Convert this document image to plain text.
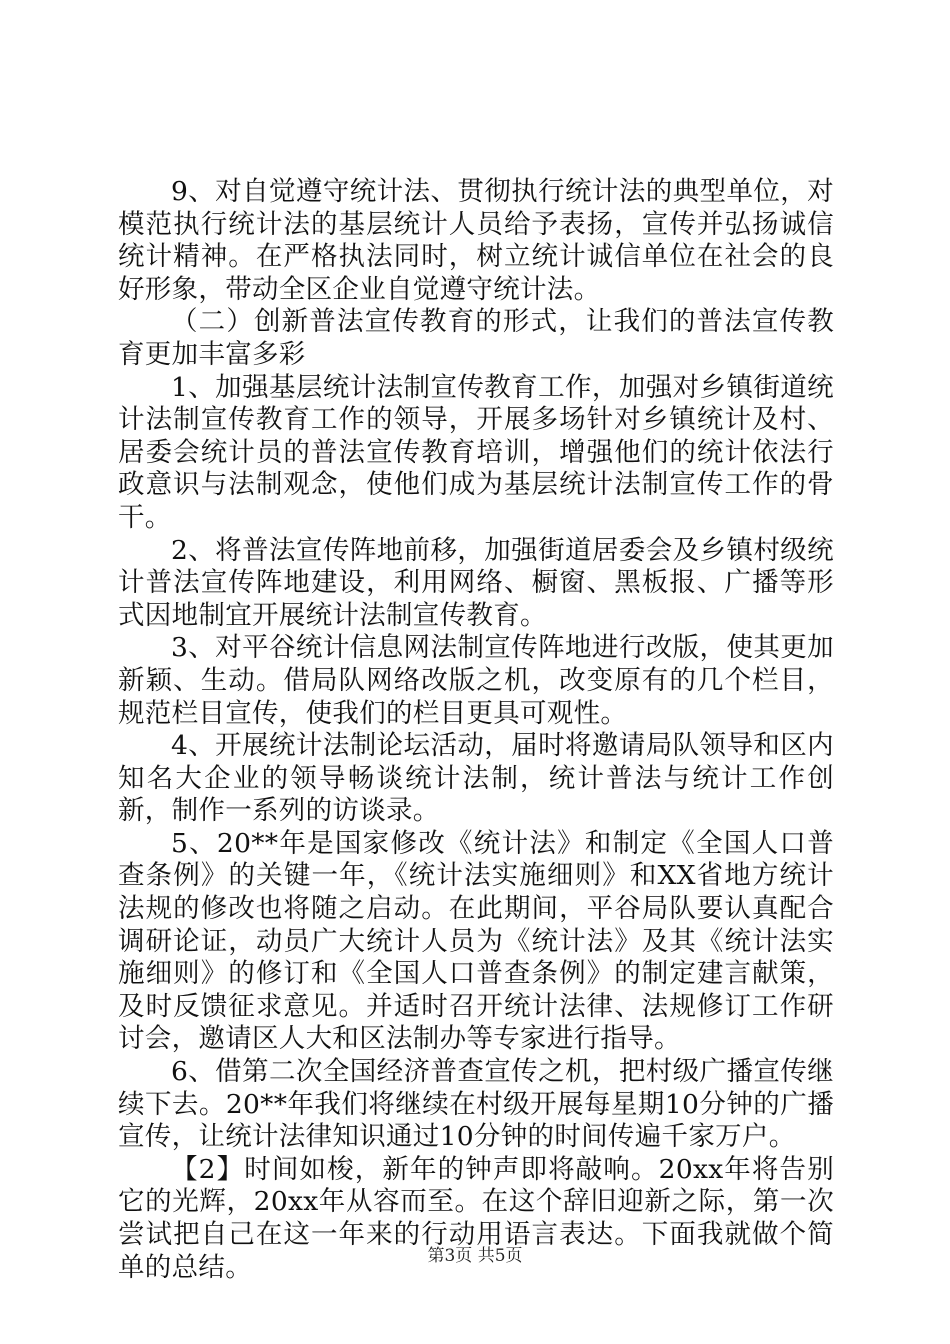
9、对自觉遵守统计法、贯彻执行统计法的典型单位，对模范执行统计法的基层统计人员给予表扬，宣传并弘扬诚信统计精神。在严格执法同时，树立统计诚信单位在社会的良好形象，带动全区企业自觉遵守统计法。

（二）创新普法宣传教育的形式，让我们的普法宣传教育更加丰富多彩

1、加强基层统计法制宣传教育工作，加强对乡镇街道统计法制宣传教育工作的领导，开展多场针对乡镇统计及村、居委会统计员的普法宣传教育培训，增强他们的统计依法行政意识与法制观念，使他们成为基层统计法制宣传工作的骨干。

2、将普法宣传阵地前移，加强街道居委会及乡镇村级统计普法宣传阵地建设，利用网络、橱窗、黑板报、广播等形式因地制宜开展统计法制宣传教育。

3、对平谷统计信息网法制宣传阵地进行改版，使其更加新颖、生动。借局队网络改版之机，改变原有的几个栏目，规范栏目宣传，使我们的栏目更具可观性。

4、开展统计法制论坛活动，届时将邀请局队领导和区内知名大企业的领导畅谈统计法制，统计普法与统计工作创新，制作一系列的访谈录。

5、20**年是国家修改《统计法》和制定《全国人口普查条例》的关键一年，《统计法实施细则》和XX省地方统计法规的修改也将随之启动。在此期间，平谷局队要认真配合调研论证，动员广大统计人员为《统计法》及其《统计法实施细则》的修订和《全国人口普查条例》的制定建言献策，及时反馈征求意见。并适时召开统计法律、法规修订工作研讨会，邀请区人大和区法制办等专家进行指导。

6、借第二次全国经济普查宣传之机，把村级广播宣传继续下去。20**年我们将继续在村级开展每星期10分钟的广播宣传，让统计法律知识通过10分钟的时间传遍千家万户。

【2】时间如梭，新年的钟声即将敲响。20xx年将告别它的光辉，20xx年从容而至。在这个辞旧迎新之际，第一次尝试把自己在这一年来的行动用语言表达。下面我就做个简单的总结。	第3页 共5页
